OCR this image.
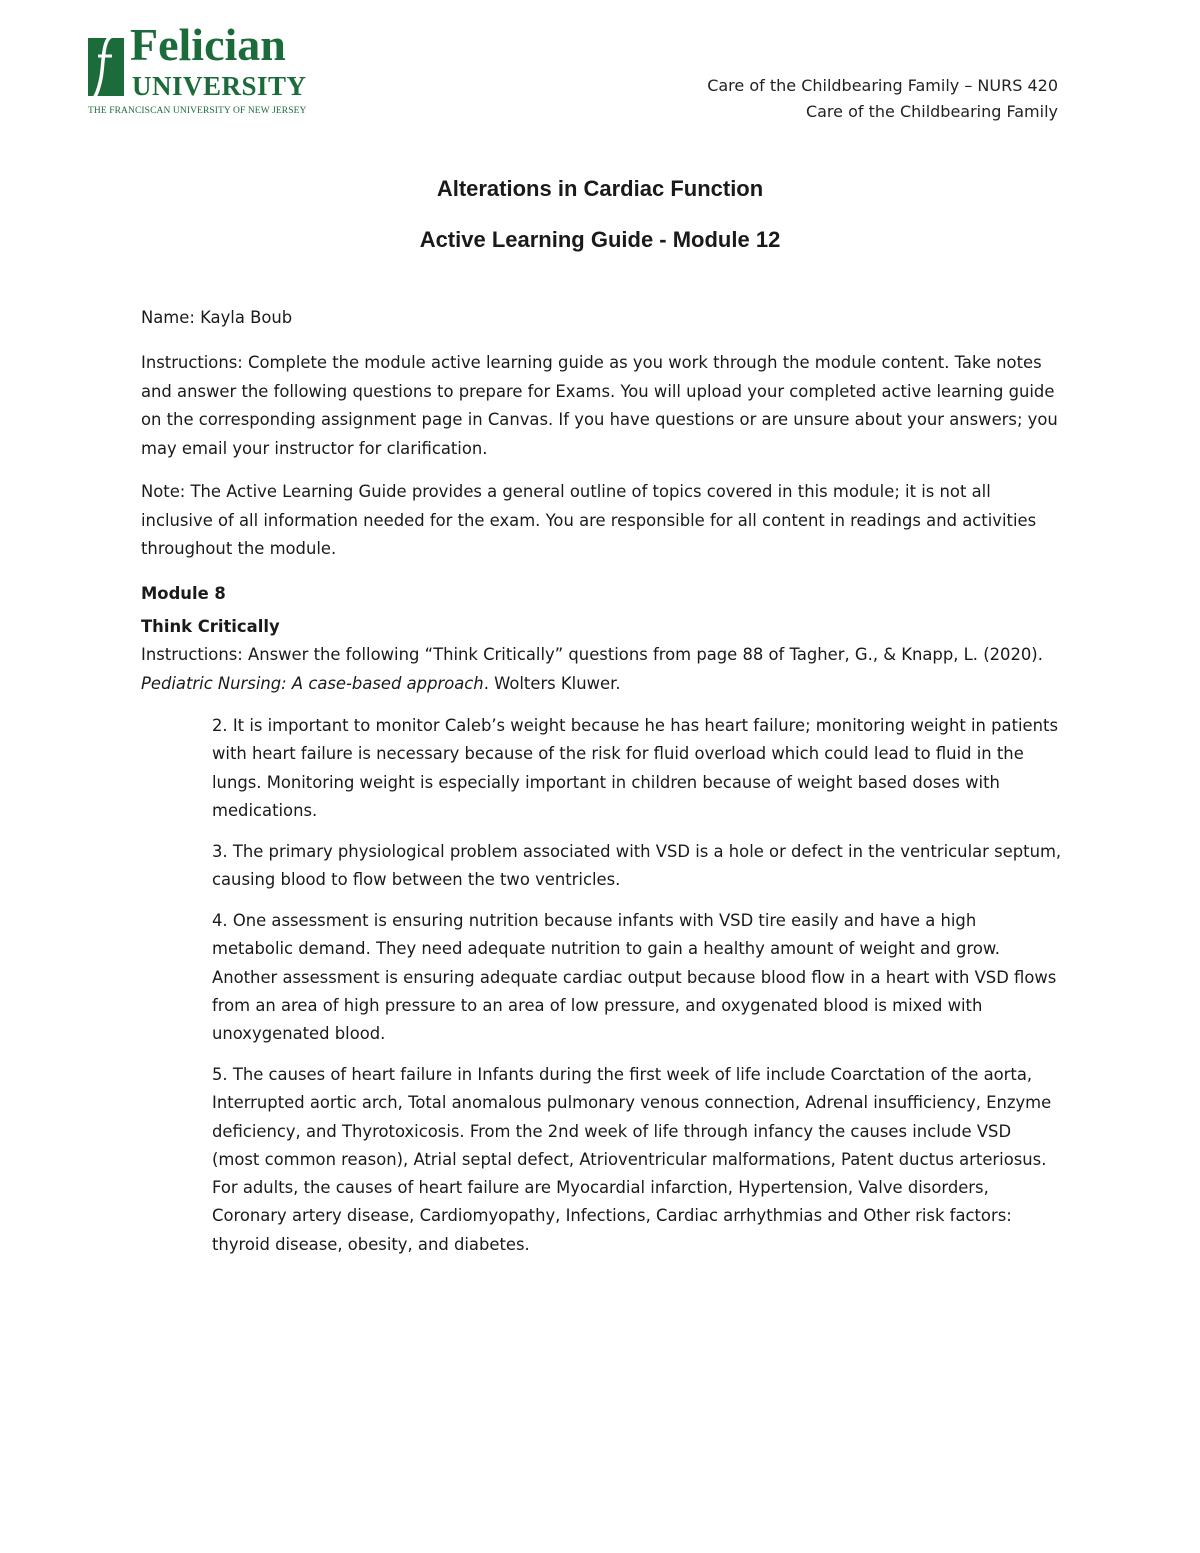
Felician
UNIVERSITY
THE FRANCISCAN UNIVERSITY OF NEW JERSEY
Care of the Childbearing Family – NURS 420
Care of the Childbearing Family
Alterations in Cardiac Function
Active Learning Guide - Module 12
Name: Kayla Boub
Instructions: Complete the module active learning guide as you work through the module content. Take notes and answer the following questions to prepare for Exams. You will upload your completed active learning guide on the corresponding assignment page in Canvas. If you have questions or are unsure about your answers; you may email your instructor for clarification.
Note: The Active Learning Guide provides a general outline of topics covered in this module; it is not all inclusive of all information needed for the exam. You are responsible for all content in readings and activities throughout the module.
Module 8
Think Critically
Instructions: Answer the following “Think Critically” questions from page 88 of Tagher, G., & Knapp, L. (2020). Pediatric Nursing: A case-based approach. Wolters Kluwer.
2. It is important to monitor Caleb’s weight because he has heart failure; monitoring weight in patients with heart failure is necessary because of the risk for fluid overload which could lead to fluid in the lungs. Monitoring weight is especially important in children because of weight based doses with medications.
3. The primary physiological problem associated with VSD is a hole or defect in the ventricular septum, causing blood to flow between the two ventricles.
4. One assessment is ensuring nutrition because infants with VSD tire easily and have a high metabolic demand. They need adequate nutrition to gain a healthy amount of weight and grow. Another assessment is ensuring adequate cardiac output because blood flow in a heart with VSD flows from an area of high pressure to an area of low pressure, and oxygenated blood is mixed with unoxygenated blood.
5. The causes of heart failure in Infants during the first week of life include Coarctation of the aorta, Interrupted aortic arch, Total anomalous pulmonary venous connection, Adrenal insufficiency, Enzyme deficiency, and Thyrotoxicosis. From the 2nd week of life through infancy the causes include VSD (most common reason), Atrial septal defect, Atrioventricular malformations, Patent ductus arteriosus. For adults, the causes of heart failure are Myocardial infarction, Hypertension, Valve disorders, Coronary artery disease, Cardiomyopathy, Infections, Cardiac arrhythmias and Other risk factors: thyroid disease, obesity, and diabetes.
